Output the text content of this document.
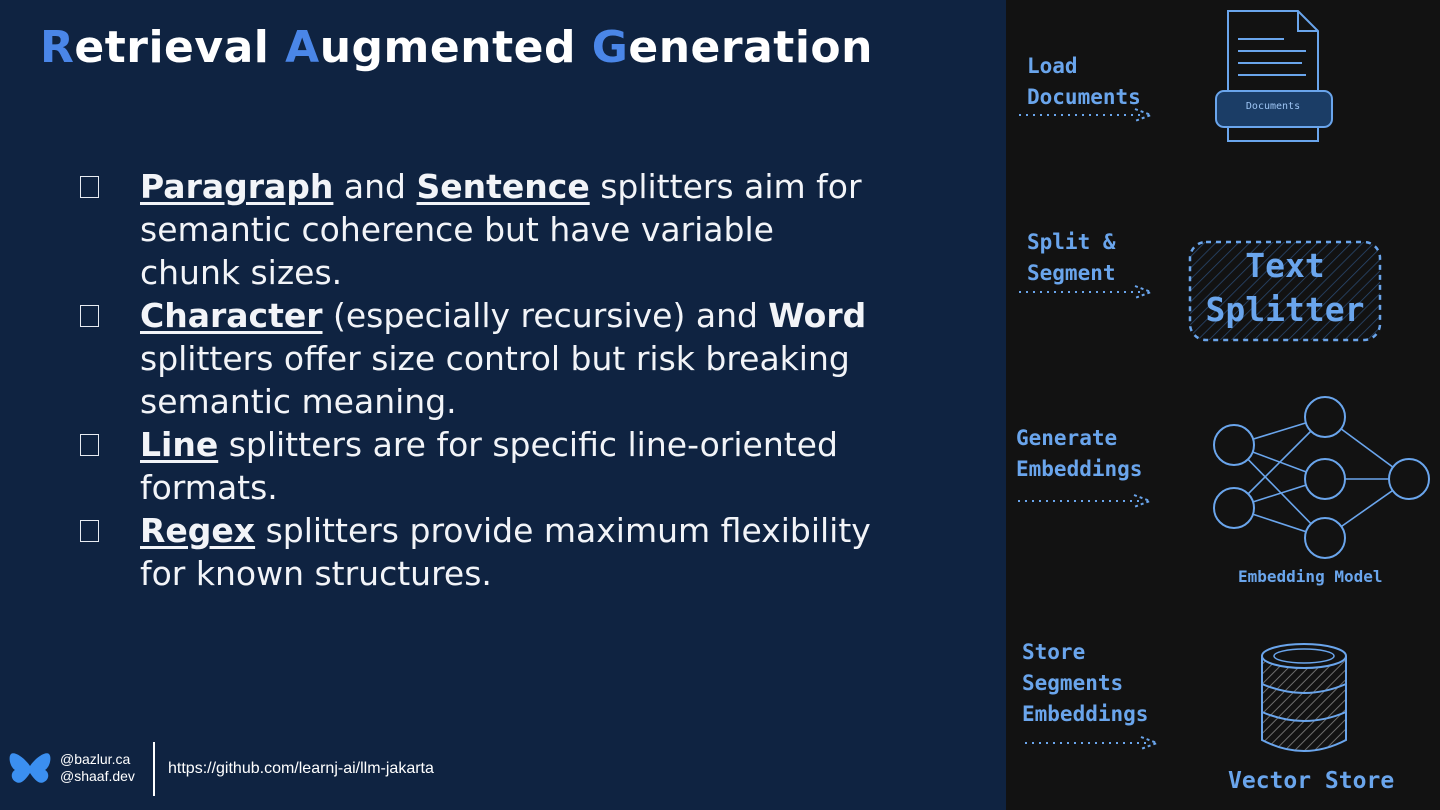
Retrieval Augmented Generation
Paragraph and Sentence splitters aim for semantic coherence but have variable chunk sizes.
Character (especially recursive) and Word splitters offer size control but risk breaking semantic meaning.
Line splitters are for specific line-oriented formats.
Regex splitters provide maximum flexibility for known structures.
@bazlur.ca
@shaaf.dev https://github.com/learnj-ai/llm-jakarta
Load
Documents	Documents
Split &
Segment	Text
Splitter
Generate
Embeddings
Embedding Model
Store
Segments
Embeddings
Vector Store
